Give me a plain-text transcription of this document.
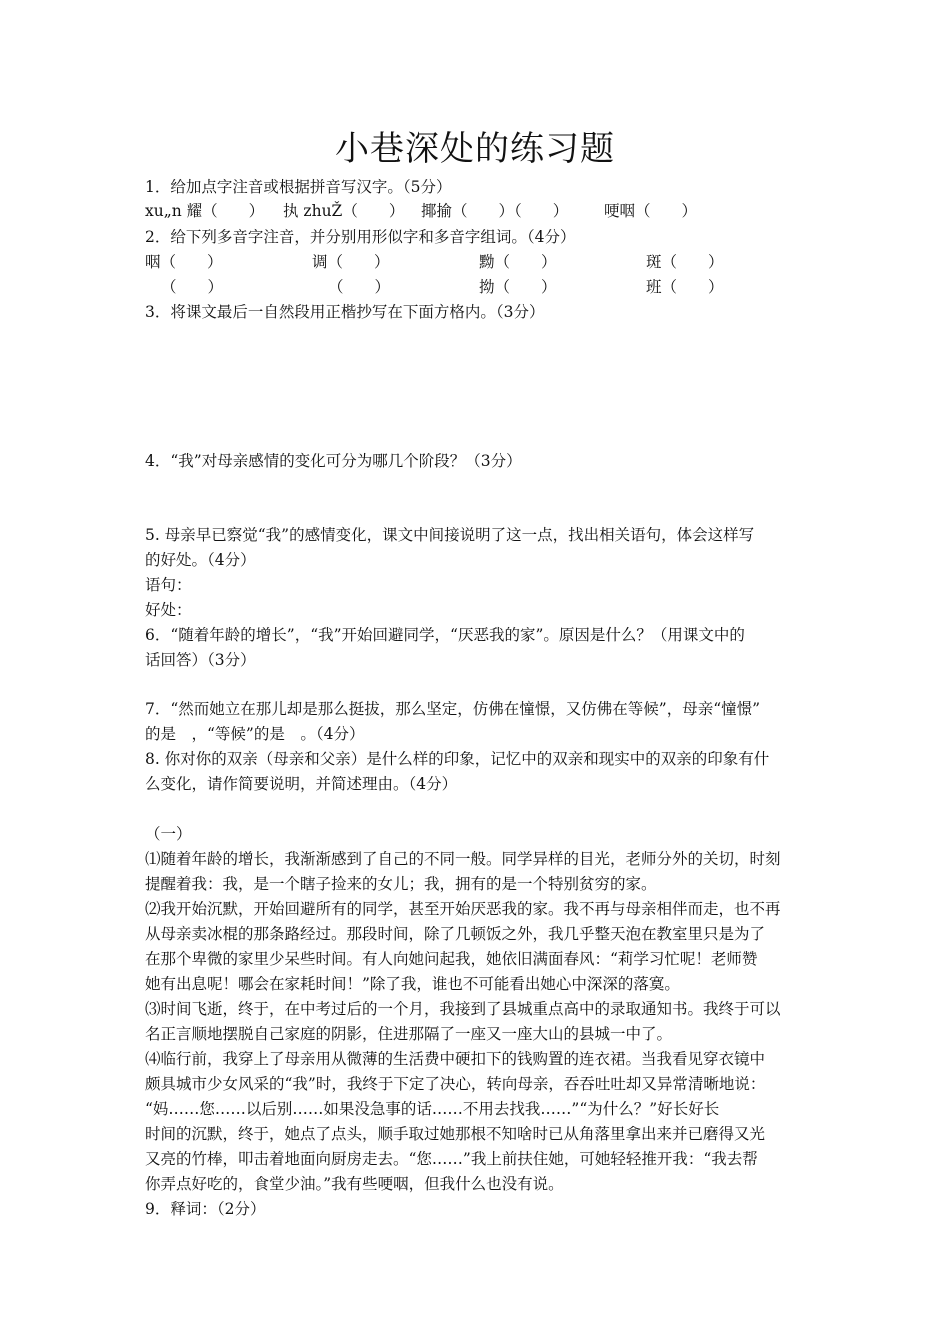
小巷深处的练习题
1．给加点字注音或根据拼音写汉字。（5分）
xu„n 耀（　　） 执 zhuŽ（　　） 揶揄（　　）（　　） 哽咽（　　）
2．给下列多音字注音，并分别用形似字和多音字组词。（4分）
咽（　　）	调（　　）	黝（　　）	斑（　　）
（　　）	（　　）	拗（　　）	班（　　）
3．将课文最后一自然段用正楷抄写在下面方格内。（3分）
4．“我”对母亲感情的变化可分为哪几个阶段？（3分）
5. 母亲早已察觉“我”的感情变化，课文中间接说明了这一点，找出相关语句，体会这样写
的好处。（4分）
语句：
好处：
6．“随着年龄的增长”，“我”开始回避同学，“厌恶我的家”。原因是什么？（用课文中的
话回答）（3分）
7．“然而她立在那儿却是那么挺拔，那么坚定，仿佛在憧憬，又仿佛在等候”，母亲“憧憬”
的是　，“等候”的是　。（4分）
8. 你对你的双亲（母亲和父亲）是什么样的印象，记忆中的双亲和现实中的双亲的印象有什
么变化，请作简要说明，并简述理由。（4分）
（一）
⑴随着年龄的增长，我渐渐感到了自己的不同一般。同学异样的目光，老师分外的关切，时刻
提醒着我：我，是一个瞎子捡来的女儿；我，拥有的是一个特别贫穷的家。
⑵我开始沉默，开始回避所有的同学，甚至开始厌恶我的家。我不再与母亲相伴而走，也不再
从母亲卖冰棍的那条路经过。那段时间，除了几顿饭之外，我几乎整天泡在教室里只是为了
在那个卑微的家里少呆些时间。有人向她问起我，她依旧满面春风：“莉学习忙呢！老师赞
她有出息呢！哪会在家耗时间！”除了我，谁也不可能看出她心中深深的落寞。
⑶时间飞逝，终于，在中考过后的一个月，我接到了县城重点高中的录取通知书。我终于可以
名正言顺地摆脱自己家庭的阴影，住进那隔了一座又一座大山的县城一中了。
⑷临行前，我穿上了母亲用从微薄的生活费中硬扣下的钱购置的连衣裙。当我看见穿衣镜中
颇具城市少女风采的“我”时，我终于下定了决心，转向母亲，吞吞吐吐却又异常清晰地说：
“妈……您……以后别……如果没急事的话……不用去找我……”“为什么？”好长好长
时间的沉默，终于，她点了点头，顺手取过她那根不知啥时已从角落里拿出来并已磨得又光
又亮的竹棒，叩击着地面向厨房走去。“您……”我上前扶住她，可她轻轻推开我：“我去帮
你弄点好吃的，食堂少油。”我有些哽咽，但我什么也没有说。
9．释词：（2分）
